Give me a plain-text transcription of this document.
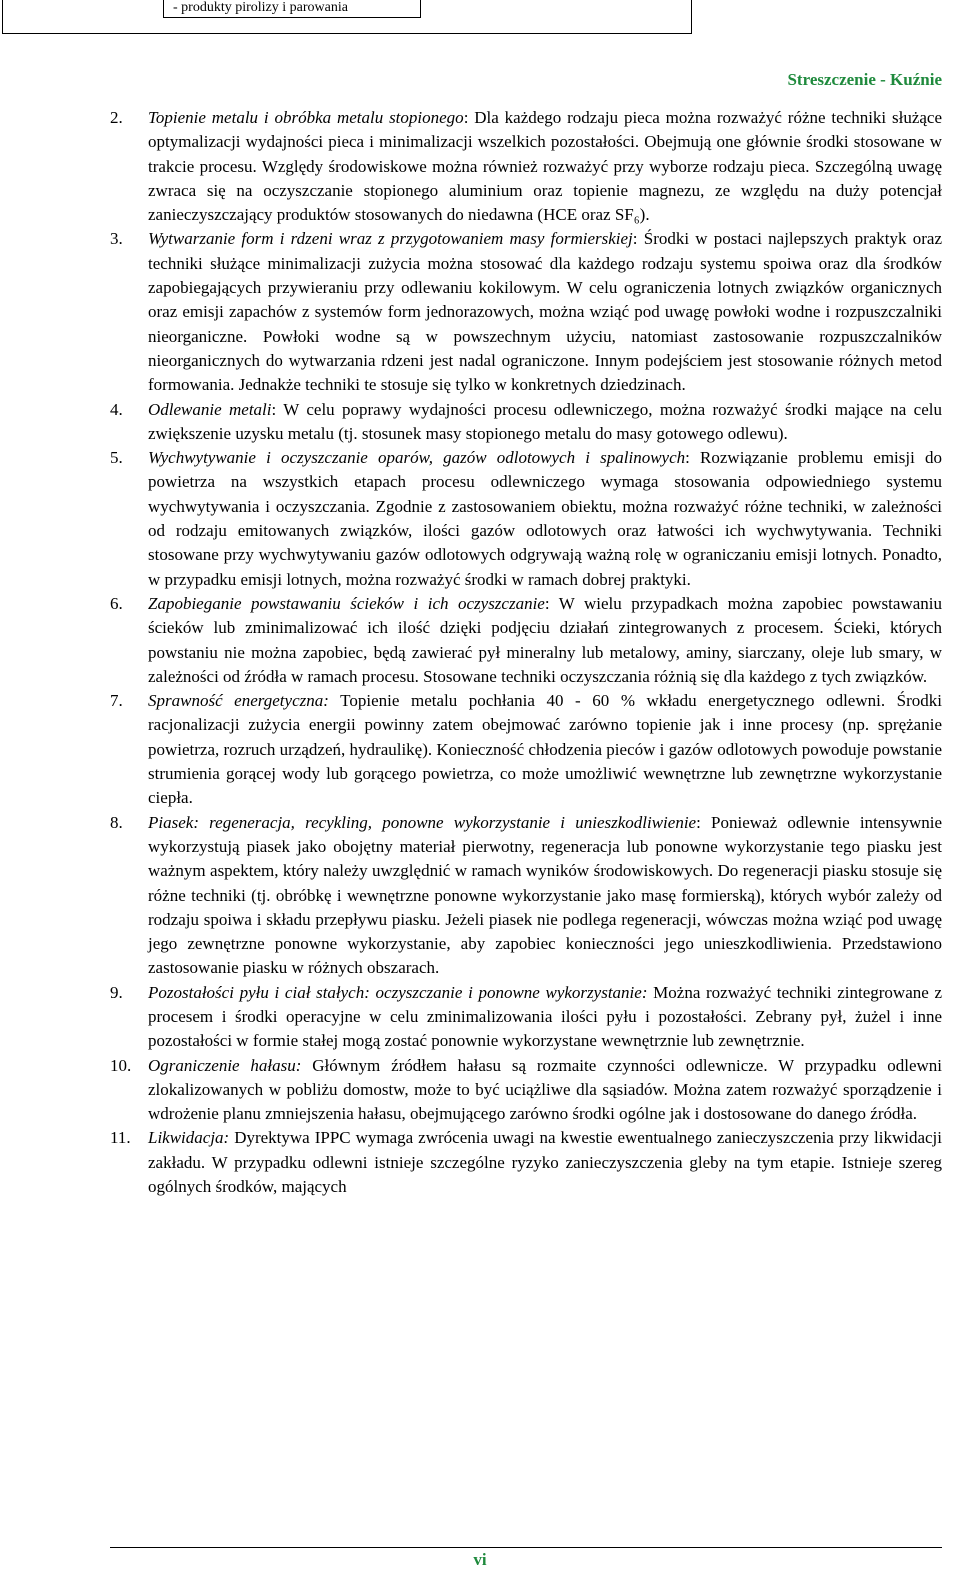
- produkty pirolizy i parowania
Streszczenie - Kuźnie
2. Topienie metalu i obróbka metalu stopionego: Dla każdego rodzaju pieca można rozważyć różne techniki służące optymalizacji wydajności pieca i minimalizacji wszelkich pozostałości. Obejmują one głównie środki stosowane w trakcie procesu. Względy środowiskowe można również rozważyć przy wyborze rodzaju pieca. Szczególną uwagę zwraca się na oczyszczanie stopionego aluminium oraz topienie magnezu, ze względu na duży potencjał zanieczyszczający produktów stosowanych do niedawna (HCE oraz SF₆).
3. Wytwarzanie form i rdzeni wraz z przygotowaniem masy formierskiej: Środki w postaci najlepszych praktyk oraz techniki służące minimalizacji zużycia można stosować dla każdego rodzaju systemu spoiwa oraz dla środków zapobiegających przywieraniu przy odlewaniu kokilowym. W celu ograniczenia lotnych związków organicznych oraz emisji zapachów z systemów form jednorazowych, można wziąć pod uwagę powłoki wodne i rozpuszczalniki nieorganiczne. Powłoki wodne są w powszechnym użyciu, natomiast zastosowanie rozpuszczalników nieorganicznych do wytwarzania rdzeni jest nadal ograniczone. Innym podejściem jest stosowanie różnych metod formowania. Jednakże techniki te stosuje się tylko w konkretnych dziedzinach.
4. Odlewanie metali: W celu poprawy wydajności procesu odlewniczego, można rozważyć środki mające na celu zwiększenie uzysku metalu (tj. stosunek masy stopionego metalu do masy gotowego odlewu).
5. Wychwytywanie i oczyszczanie oparów, gazów odlotowych i spalinowych: Rozwiązanie problemu emisji do powietrza na wszystkich etapach procesu odlewniczego wymaga stosowania odpowiedniego systemu wychwytywania i oczyszczania. Zgodnie z zastosowaniem obiektu, można rozważyć różne techniki, w zależności od rodzaju emitowanych związków, ilości gazów odlotowych oraz łatwości ich wychwytywania. Techniki stosowane przy wychwytywaniu gazów odlotowych odgrywają ważną rolę w ograniczaniu emisji lotnych. Ponadto, w przypadku emisji lotnych, można rozważyć środki w ramach dobrej praktyki.
6. Zapobieganie powstawaniu ścieków i ich oczyszczanie: W wielu przypadkach można zapobiec powstawaniu ścieków lub zminimalizować ich ilość dzięki podjęciu działań zintegrowanych z procesem. Ścieki, których powstaniu nie można zapobiec, będą zawierać pył mineralny lub metalowy, aminy, siarczany, oleje lub smary, w zależności od źródła w ramach procesu. Stosowane techniki oczyszczania różnią się dla każdego z tych związków.
7. Sprawność energetyczna: Topienie metalu pochłania 40 - 60 % wkładu energetycznego odlewni. Środki racjonalizacji zużycia energii powinny zatem obejmować zarówno topienie jak i inne procesy (np. sprężanie powietrza, rozruch urządzeń, hydraulikę). Konieczność chłodzenia pieców i gazów odlotowych powoduje powstanie strumienia gorącej wody lub gorącego powietrza, co może umożliwić wewnętrzne lub zewnętrzne wykorzystanie ciepła.
8. Piasek: regeneracja, recykling, ponowne wykorzystanie i unieszkodliwienie: Ponieważ odlewnie intensywnie wykorzystują piasek jako obojętny materiał pierwotny, regeneracja lub ponowne wykorzystanie tego piasku jest ważnym aspektem, który należy uwzględnić w ramach wyników środowiskowych. Do regeneracji piasku stosuje się różne techniki (tj. obróbkę i wewnętrzne ponowne wykorzystanie jako masę formierską), których wybór zależy od rodzaju spoiwa i składu przepływu piasku. Jeżeli piasek nie podlega regeneracji, wówczas można wziąć pod uwagę jego zewnętrzne ponowne wykorzystanie, aby zapobiec konieczności jego unieszkodliwienia. Przedstawiono zastosowanie piasku w różnych obszarach.
9. Pozostałości pyłu i ciał stałych: oczyszczanie i ponowne wykorzystanie: Można rozważyć techniki zintegrowane z procesem i środki operacyjne w celu zminimalizowania ilości pyłu i pozostałości. Zebrany pył, żużel i inne pozostałości w formie stałej mogą zostać ponownie wykorzystane wewnętrznie lub zewnętrznie.
10. Ograniczenie hałasu: Głównym źródłem hałasu są rozmaite czynności odlewnicze. W przypadku odlewni zlokalizowanych w pobliżu domostw, może to być uciążliwe dla sąsiadów. Można zatem rozważyć sporządzenie i wdrożenie planu zmniejszenia hałasu, obejmującego zarówno środki ogólne jak i dostosowane do danego źródła.
11. Likwidacja: Dyrektywa IPPC wymaga zwrócenia uwagi na kwestie ewentualnego zanieczyszczenia przy likwidacji zakładu. W przypadku odlewni istnieje szczególne ryzyko zanieczyszczenia gleby na tym etapie. Istnieje szereg ogólnych środków, mających
vi
